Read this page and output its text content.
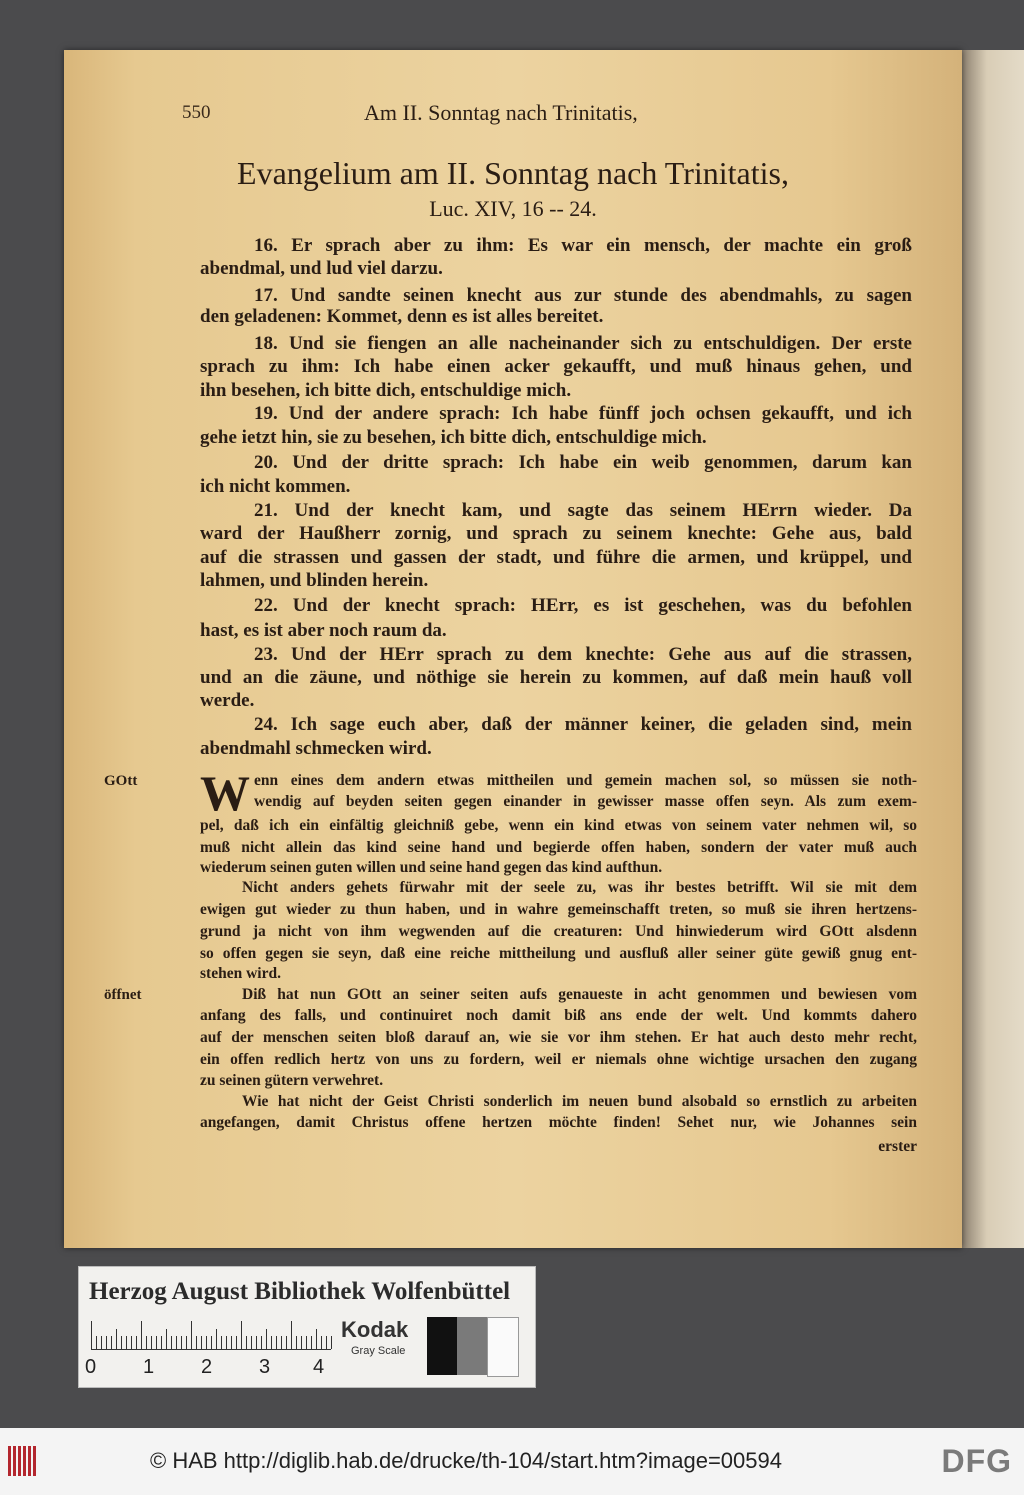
550	Am II. Sonntag nach Trinitatis,
Evangelium am II. Sonntag nach Trinitatis,
Luc. XIV, 16 -- 24.
16. Er sprach aber zu ihm: Es war ein mensch, der machte ein groß
abendmal, und lud viel darzu.
17. Und sandte seinen knecht aus zur stunde des abendmahls, zu sagen
den geladenen: Kommet, denn es ist alles bereitet.
18. Und sie fiengen an alle nacheinander sich zu entschuldigen. Der erste
sprach zu ihm: Ich habe einen acker gekaufft, und muß hinaus gehen, und
ihn besehen, ich bitte dich, entschuldige mich.
19. Und der andere sprach: Ich habe fünff joch ochsen gekaufft, und ich
gehe ietzt hin, sie zu besehen, ich bitte dich, entschuldige mich.
20. Und der dritte sprach: Ich habe ein weib genommen, darum kan
ich nicht kommen.
21. Und der knecht kam, und sagte das seinem HErrn wieder. Da
ward der Haußherr zornig, und sprach zu seinem knechte: Gehe aus, bald
auf die strassen und gassen der stadt, und führe die armen, und krüppel, und
lahmen, und blinden herein.
22. Und der knecht sprach: HErr, es ist geschehen, was du befohlen
hast, es ist aber noch raum da.
23. Und der HErr sprach zu dem knechte: Gehe aus auf die strassen,
und an die zäune, und nöthige sie herein zu kommen, auf daß mein hauß voll
werde.
24. Ich sage euch aber, daß der männer keiner, die geladen sind, mein
abendmahl schmecken wird.
W enn eines dem andern etwas mittheilen und gemein machen sol, so müssen sie noth-
wendig auf beyden seiten gegen einander in gewisser masse offen seyn. Als zum exem-
pel, daß ich ein einfältig gleichniß gebe, wenn ein kind etwas von seinem vater nehmen wil, so
muß nicht allein das kind seine hand und begierde offen haben, sondern der vater muß auch
wiederum seinen guten willen und seine hand gegen das kind aufthun.
Nicht anders gehets fürwahr mit der seele zu, was ihr bestes betrifft. Wil sie mit dem
ewigen gut wieder zu thun haben, und in wahre gemeinschafft treten, so muß sie ihren hertzens-
grund ja nicht von ihm wegwenden auf die creaturen: Und hinwiederum wird GOtt alsdenn
so offen gegen sie seyn, daß eine reiche mittheilung und ausfluß aller seiner güte gewiß gnug ent-
stehen wird.
Diß hat nun GOtt an seiner seiten aufs genaueste in acht genommen und bewiesen vom
anfang des falls, und continuiret noch damit biß ans ende der welt. Und kommts dahero
auf der menschen seiten bloß darauf an, wie sie vor ihm stehen. Er hat auch desto mehr recht,
ein offen redlich hertz von uns zu fordern, weil er niemals ohne wichtige ursachen den zugang
zu seinen gütern verwehret.
Wie hat nicht der Geist Christi sonderlich im neuen bund alsobald so ernstlich zu arbeiten
angefangen, damit Christus offene hertzen möchte finden! Sehet nur, wie Johannes sein
GOtt
öffnet
erster
Herzog August Bibliothek Wolfenbüttel
0 1 2 3 4
Kodak
Gray Scale
© HAB http://diglib.hab.de/drucke/th-104/start.htm?image=00594	DFG
